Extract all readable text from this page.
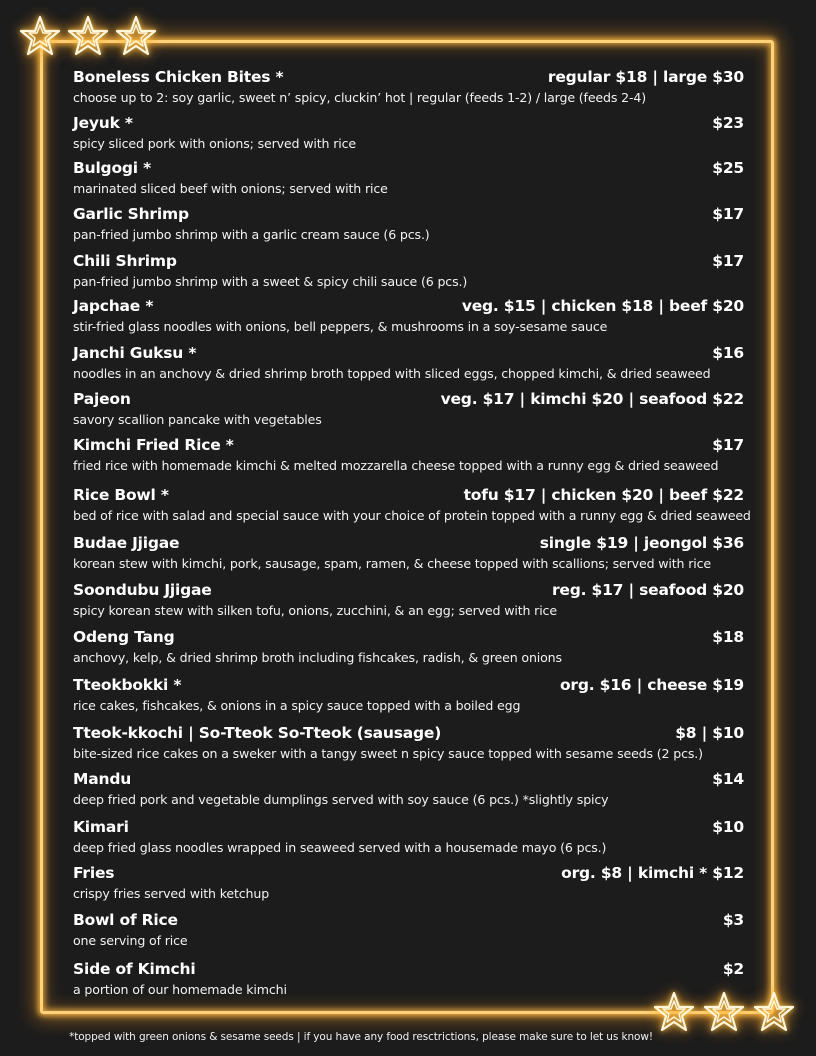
Boneless Chicken Bites *	regular $18 | large $30
choose up to 2: soy garlic, sweet n’ spicy, cluckin’ hot | regular (feeds 1-2) / large (feeds 2-4)
Jeyuk *	$23
spicy sliced pork with onions; served with rice
Bulgogi *	$25
marinated sliced beef with onions; served with rice
Garlic Shrimp	$17
pan-fried jumbo shrimp with a garlic cream sauce (6 pcs.)
Chili Shrimp	$17
pan-fried jumbo shrimp with a sweet & spicy chili sauce (6 pcs.)
Japchae *	veg. $15 | chicken $18 | beef $20
stir-fried glass noodles with onions, bell peppers, & mushrooms in a soy-sesame sauce
Janchi Guksu *	$16
noodles in an anchovy & dried shrimp broth topped with sliced eggs, chopped kimchi, & dried seaweed
Pajeon	veg. $17 | kimchi $20 | seafood $22
savory scallion pancake with vegetables
Kimchi Fried Rice *	$17
fried rice with homemade kimchi & melted mozzarella cheese topped with a runny egg & dried seaweed
Rice Bowl *	tofu $17 | chicken $20 | beef $22
bed of rice with salad and special sauce with your choice of protein topped with a runny egg & dried seaweed
Budae Jjigae	single $19 | jeongol $36
korean stew with kimchi, pork, sausage, spam, ramen, & cheese topped with scallions; served with rice
Soondubu Jjigae	reg. $17 | seafood $20
spicy korean stew with silken tofu, onions, zucchini, & an egg; served with rice
Odeng Tang	$18
anchovy, kelp, & dried shrimp broth including fishcakes, radish, & green onions
Tteokbokki *	org. $16 | cheese $19
rice cakes, fishcakes, & onions in a spicy sauce topped with a boiled egg
Tteok-kkochi | So-Tteok So-Tteok (sausage)	$8 | $10
bite-sized rice cakes on a sweker with a tangy sweet n spicy sauce topped with sesame seeds (2 pcs.)
Mandu	$14
deep fried pork and vegetable dumplings served with soy sauce (6 pcs.) *slightly spicy
Kimari	$10
deep fried glass noodles wrapped in seaweed served with a housemade mayo (6 pcs.)
Fries	org. $8 | kimchi * $12
crispy fries served with ketchup
Bowl of Rice	$3
one serving of rice
Side of Kimchi	$2
a portion of our homemade kimchi
*topped with green onions & sesame seeds | if you have any food resctrictions, please make sure to let us know!
